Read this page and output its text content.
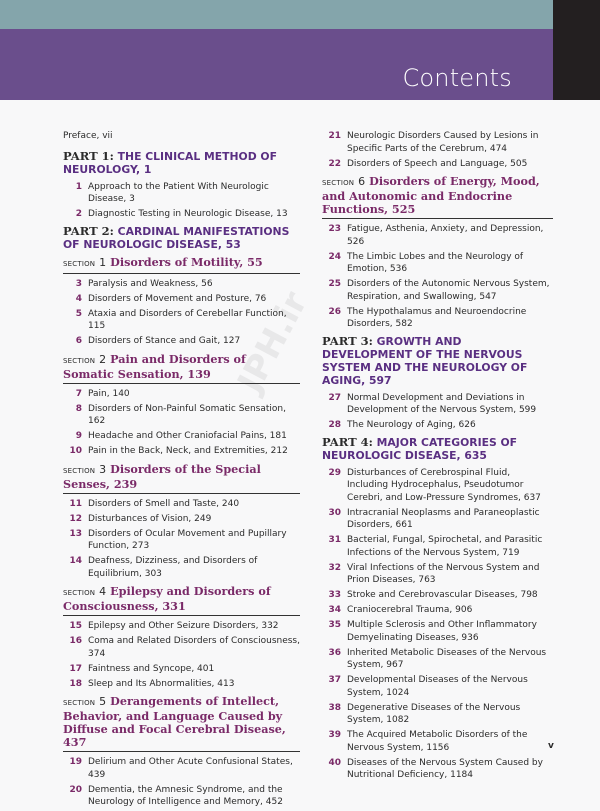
Contents
JPH.ir
Preface, vii
PART 1: THE CLINICAL METHOD OF NEUROLOGY, 1
1 Approach to the Patient With Neurologic Disease, 3
2 Diagnostic Testing in Neurologic Disease, 13
PART 2: CARDINAL MANIFESTATIONS OF NEUROLOGIC DISEASE, 53
SECTION 1 Disorders of Motility, 55
3 Paralysis and Weakness, 56
4 Disorders of Movement and Posture, 76
5 Ataxia and Disorders of Cerebellar Function, 115
6 Disorders of Stance and Gait, 127
SECTION 2 Pain and Disorders of Somatic Sensation, 139
7 Pain, 140
8 Disorders of Non-Painful Somatic Sensation, 162
9 Headache and Other Craniofacial Pains, 181
10 Pain in the Back, Neck, and Extremities, 212
SECTION 3 Disorders of the Special Senses, 239
11 Disorders of Smell and Taste, 240
12 Disturbances of Vision, 249
13 Disorders of Ocular Movement and Pupillary Function, 273
14 Deafness, Dizziness, and Disorders of Equilibrium, 303
SECTION 4 Epilepsy and Disorders of Consciousness, 331
15 Epilepsy and Other Seizure Disorders, 332
16 Coma and Related Disorders of Consciousness, 374
17 Faintness and Syncope, 401
18 Sleep and Its Abnormalities, 413
SECTION 5 Derangements of Intellect, Behavior, and Language Caused by Diffuse and Focal Cerebral Disease, 437
19 Delirium and Other Acute Confusional States, 439
20 Dementia, the Amnesic Syndrome, and the Neurology of Intelligence and Memory, 452
21 Neurologic Disorders Caused by Lesions in Specific Parts of the Cerebrum, 474
22 Disorders of Speech and Language, 505
SECTION 6 Disorders of Energy, Mood, and Autonomic and Endocrine Functions, 525
23 Fatigue, Asthenia, Anxiety, and Depression, 526
24 The Limbic Lobes and the Neurology of Emotion, 536
25 Disorders of the Autonomic Nervous System, Respiration, and Swallowing, 547
26 The Hypothalamus and Neuroendocrine Disorders, 582
PART 3: GROWTH AND DEVELOPMENT OF THE NERVOUS SYSTEM AND THE NEUROLOGY OF AGING, 597
27 Normal Development and Deviations in Development of the Nervous System, 599
28 The Neurology of Aging, 626
PART 4: MAJOR CATEGORIES OF NEUROLOGIC DISEASE, 635
29 Disturbances of Cerebrospinal Fluid, Including Hydrocephalus, Pseudotumor Cerebri, and Low-Pressure Syndromes, 637
30 Intracranial Neoplasms and Paraneoplastic Disorders, 661
31 Bacterial, Fungal, Spirochetal, and Parasitic Infections of the Nervous System, 719
32 Viral Infections of the Nervous System and Prion Diseases, 763
33 Stroke and Cerebrovascular Diseases, 798
34 Craniocerebral Trauma, 906
35 Multiple Sclerosis and Other Inflammatory Demyelinating Diseases, 936
36 Inherited Metabolic Diseases of the Nervous System, 967
37 Developmental Diseases of the Nervous System, 1024
38 Degenerative Diseases of the Nervous System, 1082
39 The Acquired Metabolic Disorders of the Nervous System, 1156
40 Diseases of the Nervous System Caused by Nutritional Deficiency, 1184
v
